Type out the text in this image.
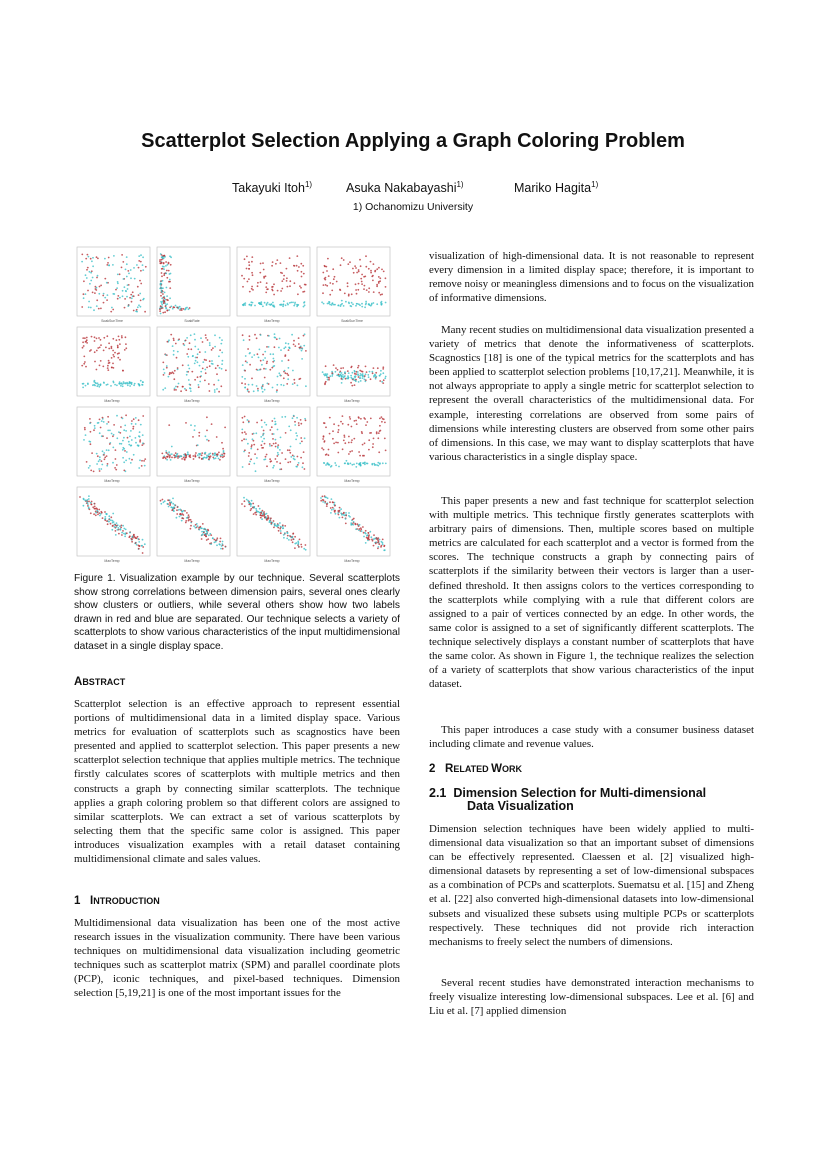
Scatterplot Selection Applying a Graph Coloring Problem
Takayuki Itoh$^{1)}$	Asuka Nakabayashi$^{1)}$	Mariko Hagita$^{1)}$
1) Ochanomizu University
SoakSunTime	SoakRate	MaxTemp	SoakSunTime
MaxTemp	MaxTemp	MaxTemp	MaxTemp
MaxTemp	MaxTemp	MaxTemp	MaxTemp
MaxTemp	MaxTemp	MaxTemp	MaxTemp
Figure 1. Visualization example by our technique. Several scatterplots show strong correlations between dimension pairs, several ones clearly show clusters or outliers, while several others show how two labels drawn in red and blue are separated. Our technique selects a variety of scatterplots to show various characteristics of the input multidimensional dataset in a single display space.
ABSTRACT

Scatterplot selection is an effective approach to represent essential portions of multidimensional data in a limited display space. Various metrics for evaluation of scatterplots such as scagnostics have been presented and applied to scatterplot selection. This paper presents a new scatterplot selection technique that applies multiple metrics. The technique firstly calculates scores of scatterplots with multiple metrics and then constructs a graph by connecting similar scatterplots. The technique applies a graph coloring problem so that different colors are assigned to similar scatterplots. We can extract a set of various scatterplots by selecting them that the specific same color is assigned. This paper introduces visualization examples with a retail dataset containing multidimensional climate and sales values.

1 INTRODUCTION

Multidimensional data visualization has been one of the most active research issues in the visualization community. There have been various techniques on multidimensional data visualization including geometric techniques such as scatterplot matrix (SPM) and parallel coordinate plots (PCP), iconic techniques, and pixel-based techniques. Dimension selection [5,19,21] is one of the most important issues for the

visualization of high-dimensional data. It is not reasonable to represent every dimension in a limited display space; therefore, it is important to remove noisy or meaningless dimensions and to focus on the visualization of informative dimensions.

Many recent studies on multidimensional data visualization presented a variety of metrics that denote the informativeness of scatterplots. Scagnostics [18] is one of the typical metrics for the scatterplots and has been applied to scatterplot selection problems [10,17,21]. Meanwhile, it is not always appropriate to apply a single metric for scatterplot selection to represent the overall characteristics of the multidimensional data. For example, interesting correlations are observed from some pairs of dimensions while interesting clusters are observed from some other pairs of dimensions. In this case, we may want to display scatterplots that have various characteristics in a single display space.

This paper presents a new and fast technique for scatterplot selection with multiple metrics. This technique firstly generates scatterplots with arbitrary pairs of dimensions. Then, multiple scores based on multiple metrics are calculated for each scatterplot and a vector is formed from the scores. The technique constructs a graph by connecting pairs of scatterplots if the similarity between their vectors is larger than a user-defined threshold. It then assigns colors to the vertices corresponding to the scatterplots while complying with a rule that different colors are assigned to a pair of vertices connected by an edge. In other words, the same color is assigned to a set of significantly different scatterplots. The technique selectively displays a constant number of scatterplots that have the same color. As shown in Figure 1, the technique realizes the selection of a variety of scatterplots that show various characteristics of the input dataset.

This paper introduces a case study with a consumer business dataset including climate and revenue values.

2 RELATED WORK
2.1 Dimension Selection for Multi-dimensional
Data Visualization

Dimension selection techniques have been widely applied to multi-dimensional data visualization so that an important subset of dimensions can be effectively represented. Claessen et al. [2] visualized high-dimensional datasets by representing a set of low-dimensional subspaces as a combination of PCPs and scatterplots. Suematsu et al. [15] and Zheng et al. [22] also converted high-dimensional datasets into low-dimensional subsets and visualized these subsets using multiple PCPs or scatterplots respectively. These techniques did not provide rich interaction mechanisms to freely select the numbers of dimensions.

Several recent studies have demonstrated interaction mechanisms to freely visualize interesting low-dimensional subspaces. Lee et al. [6] and Liu et al. [7] applied dimension
